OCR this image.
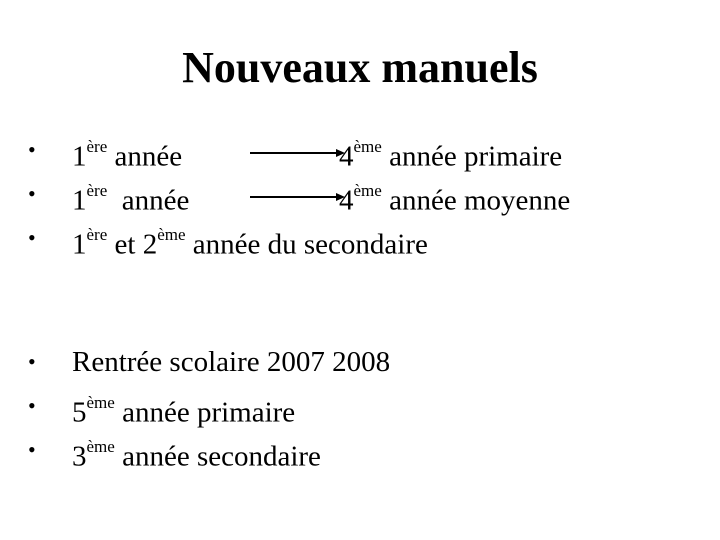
Nouveaux manuels
• 1ère année	4ème année primaire
• 1ère  année	4ème année moyenne
• 1ère et 2ème année du secondaire
• Rentrée scolaire 2007 2008
• 5ème année primaire
• 3ème année secondaire
